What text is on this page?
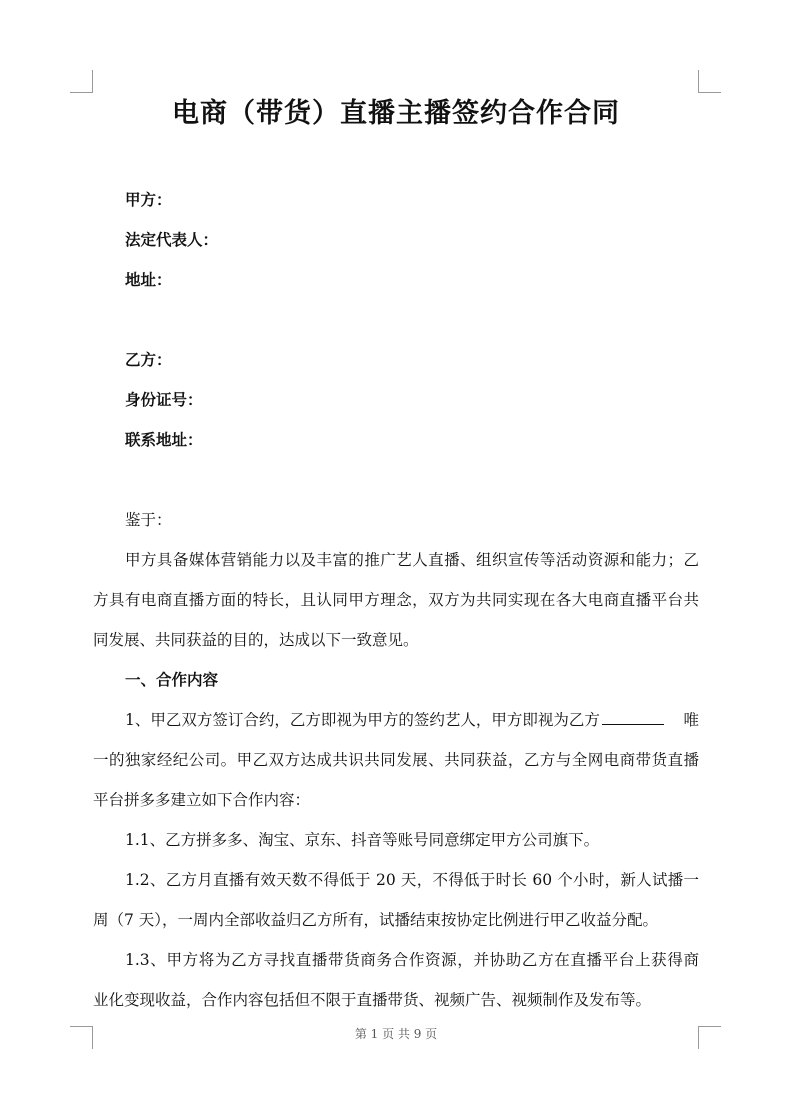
电商（带货）直播主播签约合作合同

甲方：

法定代表人：

地址：

乙方：

身份证号：

联系地址：

鉴于：

甲方具备媒体营销能力以及丰富的推广艺人直播、组织宣传等活动资源和能力；乙

方具有电商直播方面的特长，且认同甲方理念，双方为共同实现在各大电商直播平台共

同发展、共同获益的目的，达成以下一致意见。

一、合作内容

1、甲乙双方签订合约，乙方即视为甲方的签约艺人，甲方即视为乙方	唯

一的独家经纪公司。甲乙双方达成共识共同发展、共同获益，乙方与全网电商带货直播

平台拼多多建立如下合作内容：

1.1、乙方拼多多、淘宝、京东、抖音等账号同意绑定甲方公司旗下。

1.2、乙方月直播有效天数不得低于 20 天，不得低于时长 60 个小时，新人试播一

周（7 天），一周内全部收益归乙方所有，试播结束按协定比例进行甲乙收益分配。

1.3、甲方将为乙方寻找直播带货商务合作资源，并协助乙方在直播平台上获得商

业化变现收益，合作内容包括但不限于直播带货、视频广告、视频制作及发布等。

第 1 页 共 9 页
